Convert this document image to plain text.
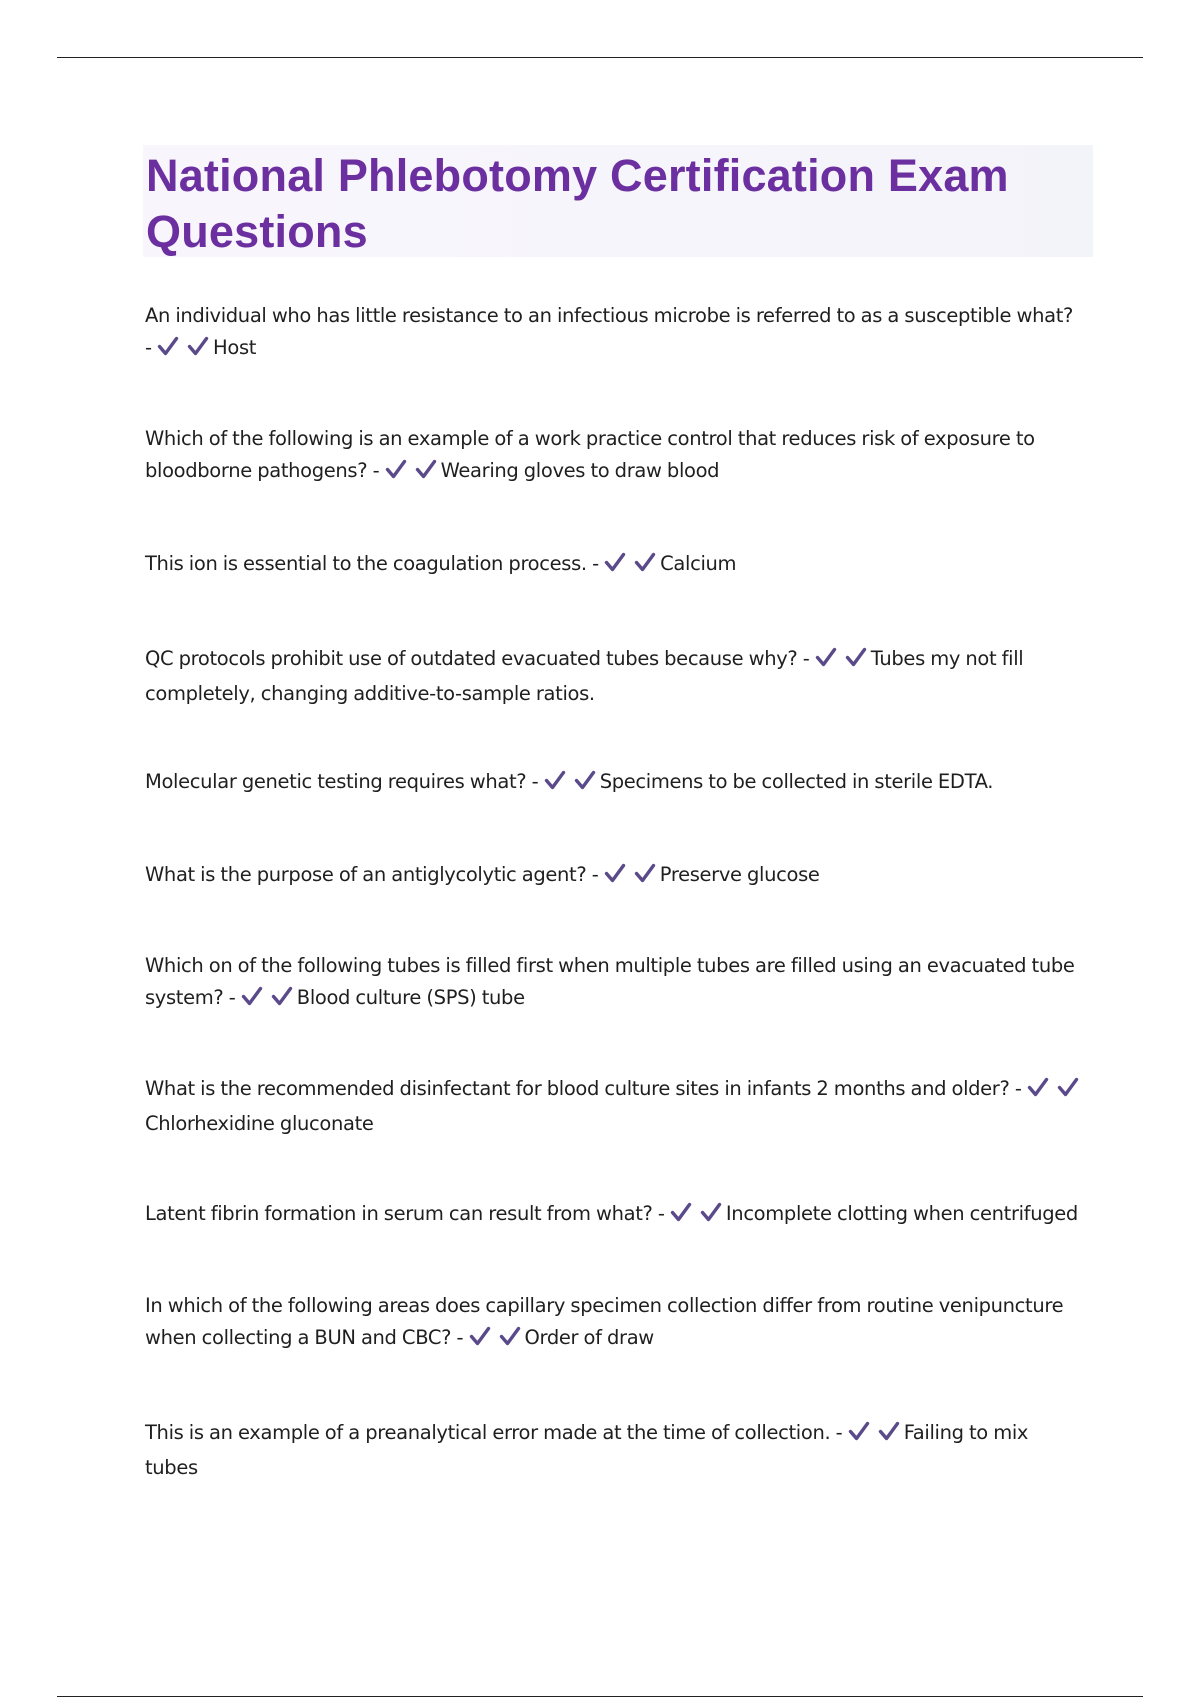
National Phlebotomy Certification Exam Questions

An individual who has little resistance to an infectious microbe is referred to as a susceptible what? -	Host

Which of the following is an example of a work practice control that reduces risk of exposure to bloodborne pathogens? -	Wearing gloves to draw blood

This ion is essential to the coagulation process. -	Calcium

QC protocols prohibit use of outdated evacuated tubes because why? -	Tubes my not fill completely, changing additive-to-sample ratios.

Molecular genetic testing requires what? -	Specimens to be collected in sterile EDTA.

What is the purpose of an antiglycolytic agent? -	Preserve glucose

Which on of the following tubes is filled first when multiple tubes are filled using an evacuated tube system? -	Blood culture (SPS) tube

What is the recommended disinfectant for blood culture sites in infants 2 months and older? -
Chlorhexidine gluconate

Latent fibrin formation in serum can result from what? -	Incomplete clotting when centrifuged

In which of the following areas does capillary specimen collection differ from routine venipuncture when collecting a BUN and CBC? -	Order of draw

This is an example of a preanalytical error made at the time of collection. -	Failing to mix tubes
